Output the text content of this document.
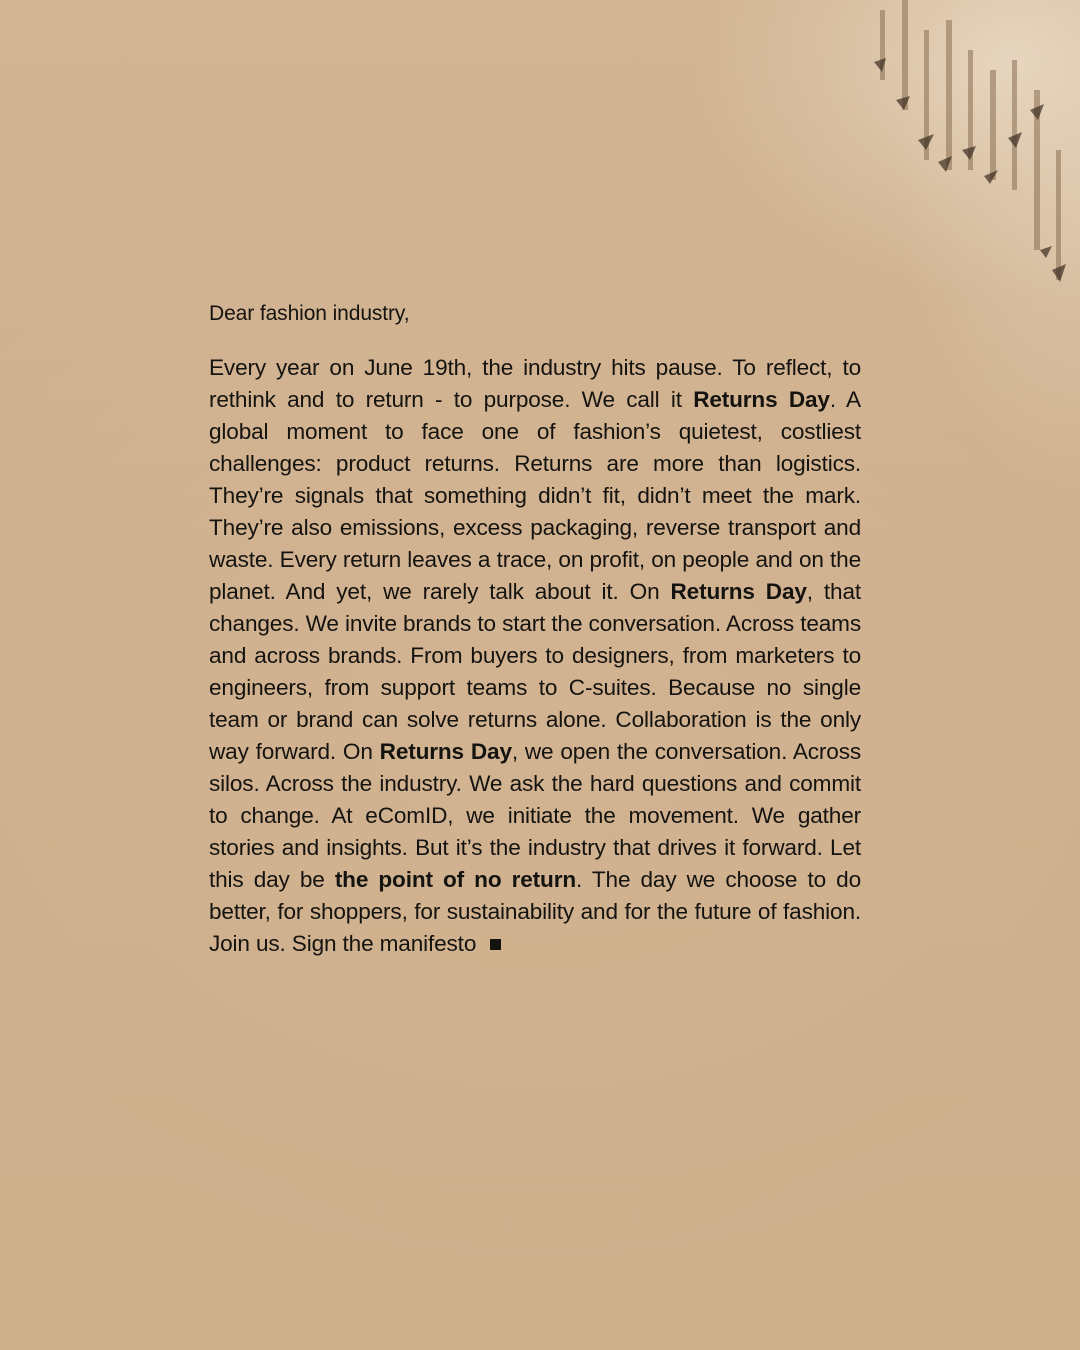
Dear fashion industry,

Every year on June 19th, the industry hits pause. To reflect, to rethink and to return - to purpose. We call it Returns Day. A global moment to face one of fashion’s quietest, costliest challenges: product returns. Returns are more than logistics. They’re signals that something didn’t fit, didn’t meet the mark. They’re also emissions, excess packaging, reverse transport and waste. Every return leaves a trace, on profit, on people and on the planet. And yet, we rarely talk about it. On Returns Day, that changes. We invite brands to start the conversation. Across teams and across brands. From buyers to designers, from marketers to engineers, from support teams to C-suites. Because no single team or brand can solve returns alone. Collaboration is the only way forward. On Returns Day, we open the conversation. Across silos. Across the industry. We ask the hard questions and commit to change. At eComID, we initiate the movement. We gather stories and insights. But it’s the industry that drives it forward. Let this day be the point of no return. The day we choose to do better, for shoppers, for sustainability and for the future of fashion. Join us. Sign the manifesto
